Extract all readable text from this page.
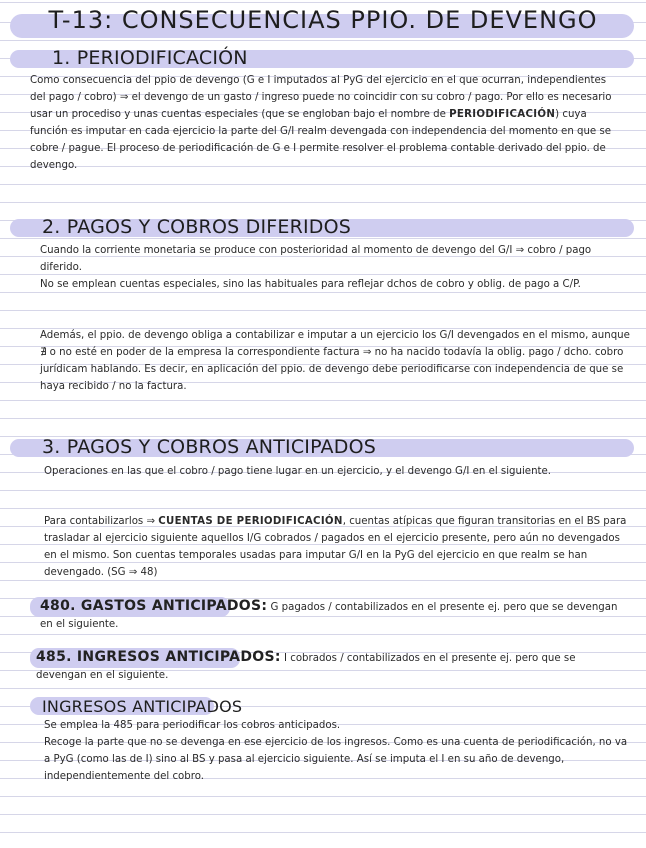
T-13: CONSECUENCIAS PPIO. DE DEVENGO
1. PERIODIFICACIÓN

Como consecuencia del ppio de devengo (G e I imputados al PyG del ejercicio en el que ocurran, independientes del pago / cobro) ⇒ el devengo de un gasto / ingreso puede no coincidir con su cobro / pago. Por ello es necesario usar un procediso y unas cuentas especiales (que se engloban bajo el nombre de PERIODIFICACIÓN) cuya función es imputar en cada ejercicio la parte del G/I realm devengada con independencia del momento en que se cobre / pague. El proceso de periodificación de G e I permite resolver el problema contable derivado del ppio. de devengo.

2. PAGOS Y COBROS DIFERIDOS

Cuando la corriente monetaria se produce con posterioridad al momento de devengo del G/I ⇒ cobro / pago diferido.

No se emplean cuentas especiales, sino las habituales para reflejar dchos de cobro y oblig. de pago a C/P.

Además, el ppio. de devengo obliga a contabilizar e imputar a un ejercicio los G/I devengados en el mismo, aunque ∄ o no esté en poder de la empresa la correspondiente factura ⇒ no ha nacido todavía la oblig. pago / dcho. cobro jurídicam hablando. Es decir, en aplicación del ppio. de devengo debe periodificarse con independencia de que se haya recibido / no la factura.

3. PAGOS Y COBROS ANTICIPADOS

Operaciones en las que el cobro / pago tiene lugar en un ejercicio, y el devengo G/I en el siguiente.

Para contabilizarlos ⇒ CUENTAS DE PERIODIFICACIÓN, cuentas atípicas que figuran transitorias en el BS para trasladar al ejercicio siguiente aquellos I/G cobrados / pagados en el ejercicio presente, pero aún no devengados en el mismo. Son cuentas temporales usadas para imputar G/I en la PyG del ejercicio en que realm se han devengado. (SG ⇒ 48)

480. GASTOS ANTICIPADOS: G pagados / contabilizados en el presente ej. pero que se devengan en el siguiente.

485. INGRESOS ANTICIPADOS: I cobrados / contabilizados en el presente ej. pero que se devengan en el siguiente.

INGRESOS ANTICIPADOS

Se emplea la 485 para periodificar los cobros anticipados.

Recoge la parte que no se devenga en ese ejercicio de los ingresos. Como es una cuenta de periodificación, no va a PyG (como las de I) sino al BS y pasa al ejercicio siguiente. Así se imputa el I en su año de devengo, independientemente del cobro.
